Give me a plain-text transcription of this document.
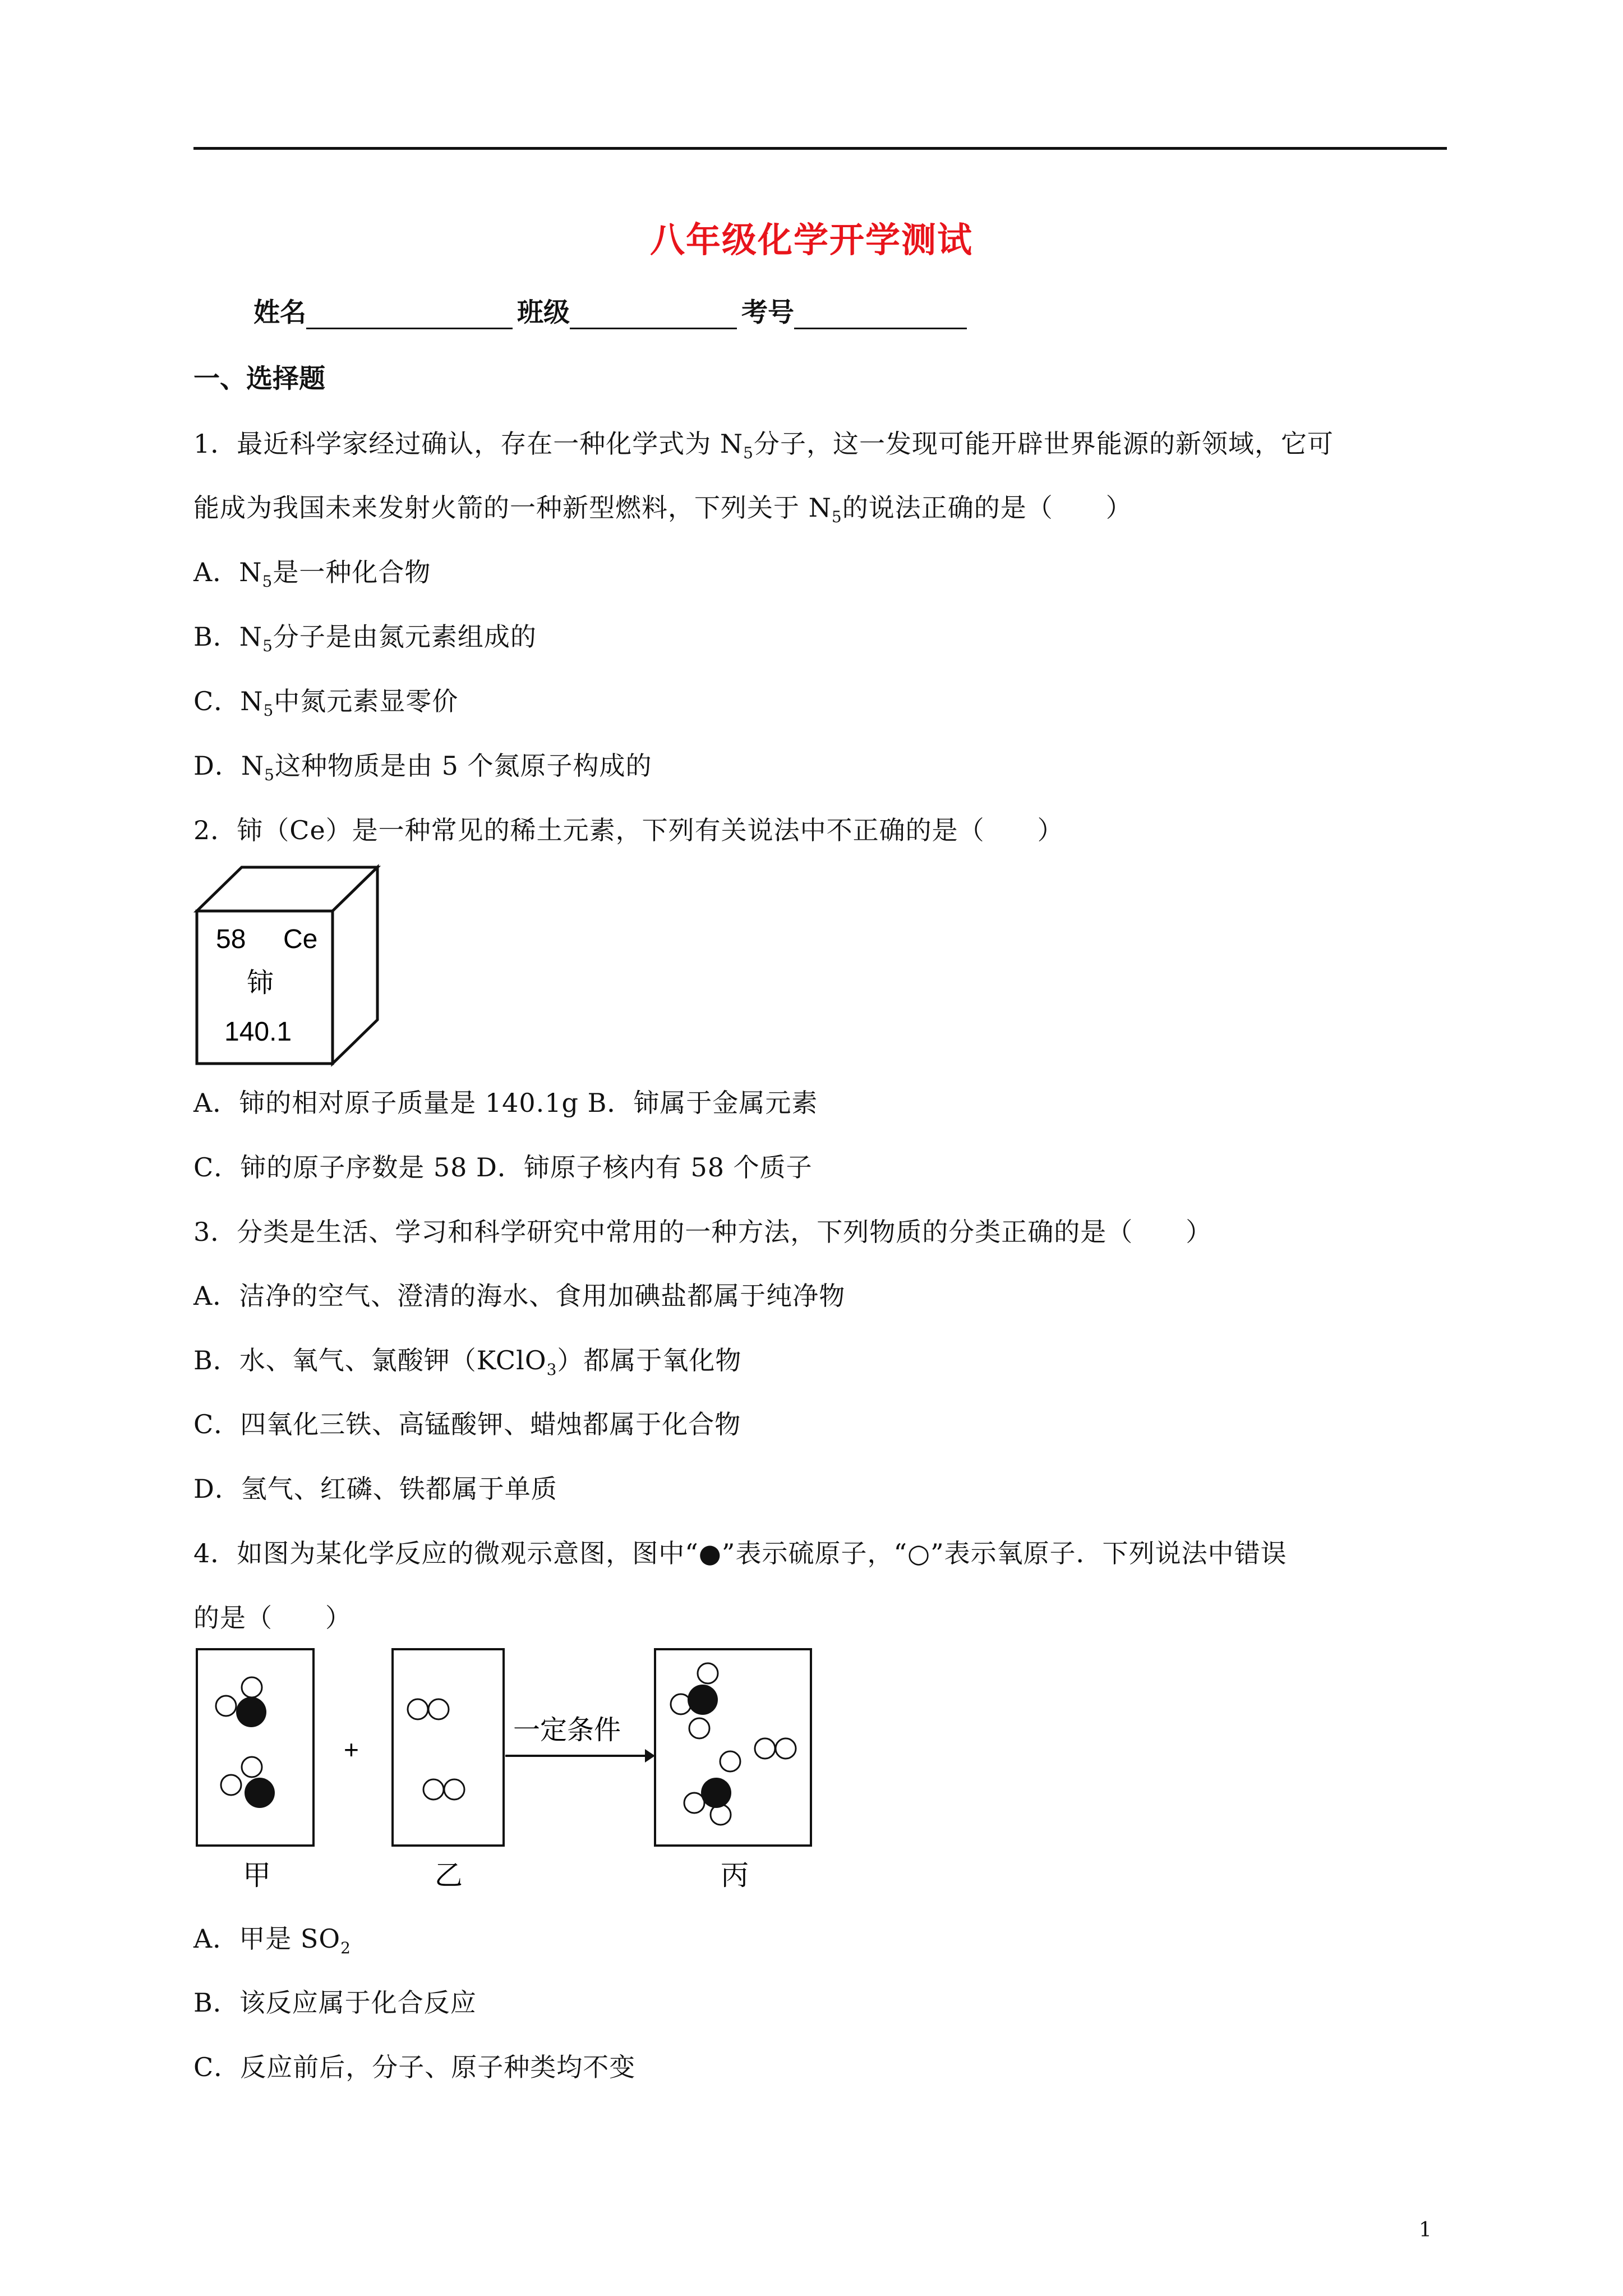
八年级化学开学测试
姓名	班级	考号
一、选择题
1．最近科学家经过确认，存在一种化学式为 $N_5$分子，这一发现可能开辟世界能源的新领域，它可
能成为我国未来发射火箭的一种新型燃料，下列关于 $N_5$的说法正确的是（　　）
A．$N_5$是一种化合物
B．$N_5$分子是由氮元素组成的
C．$N_5$中氮元素显零价
D．$N_5$这种物质是由 5 个氮原子构成的
2．铈（Ce）是一种常见的稀土元素，下列有关说法中不正确的是（　　）
58 Ce
铈
140.1
A．铈的相对原子质量是 140.1g B．铈属于金属元素
C．铈的原子序数是 58 D．铈原子核内有 58 个质子
3．分类是生活、学习和科学研究中常用的一种方法，下列物质的分类正确的是（　　）
A．洁净的空气、澄清的海水、食用加碘盐都属于纯净物
B．水、氧气、氯酸钾（KClO$_3$）都属于氧化物
C．四氧化三铁、高锰酸钾、蜡烛都属于化合物
D．氢气、红磷、铁都属于单质
4．如图为某化学反应的微观示意图，图中“●”表示硫原子，“○”表示氧原子．下列说法中错误
的是（　　）
+
一定条件
甲	乙	丙
A．甲是 $SO_2$
B．该反应属于化合反应
C．反应前后，分子、原子种类均不变
1
